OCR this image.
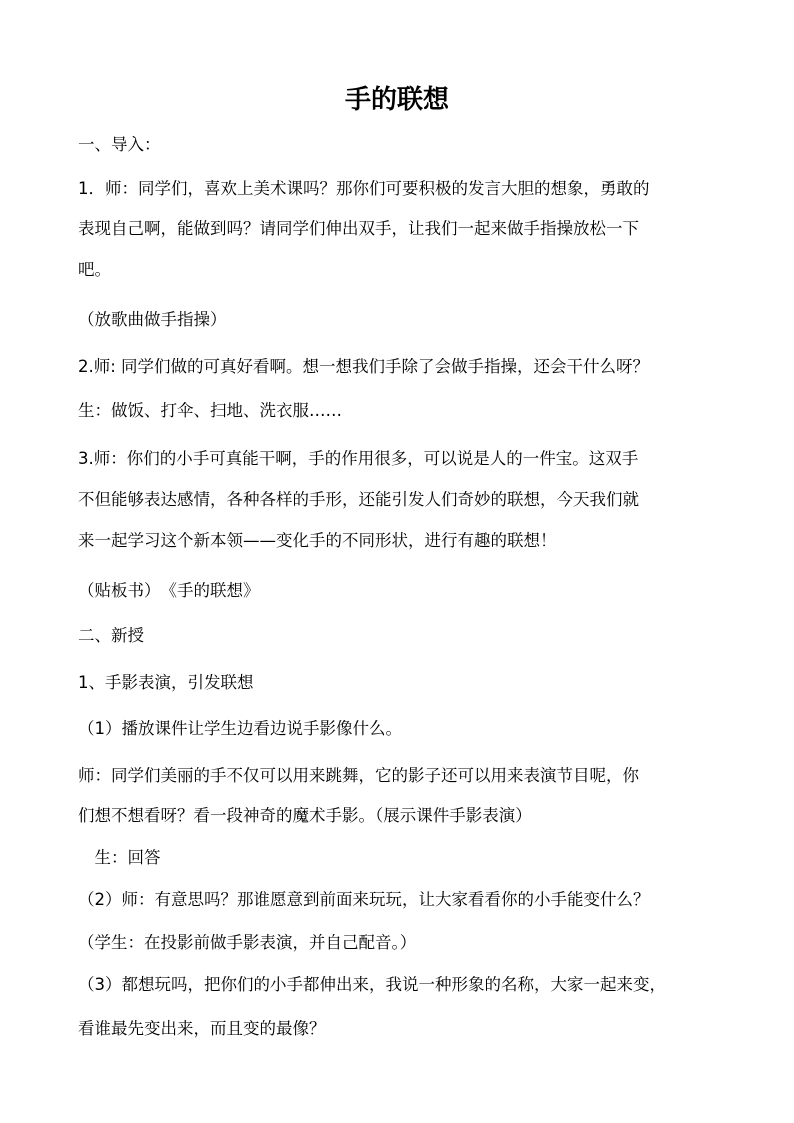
手的联想
一、导入：
1．师：同学们，喜欢上美术课吗？那你们可要积极的发言大胆的想象，勇敢的
表现自己啊，能做到吗？请同学们伸出双手，让我们一起来做手指操放松一下
吧。
（放歌曲做手指操）
2.师: 同学们做的可真好看啊。想一想我们手除了会做手指操，还会干什么呀？
生：做饭、打伞、扫地、洗衣服……
3.师：你们的小手可真能干啊，手的作用很多，可以说是人的一件宝。这双手
不但能够表达感情，各种各样的手形，还能引发人们奇妙的联想，今天我们就
来一起学习这个新本领——变化手的不同形状，进行有趣的联想！
（贴板书）　《手的联想》
二、新授
1、手影表演，引发联想
（1）播放课件让学生边看边说手影像什么。
师：同学们美丽的手不仅可以用来跳舞，它的影子还可以用来表演节目呢，你
们想不想看呀？看一段神奇的魔术手影。（展示课件手影表演）
　生：回答
（2）师：有意思吗？那谁愿意到前面来玩玩，让大家看看你的小手能变什么？
（学生：在投影前做手影表演，并自己配音。）
（3）都想玩吗，把你们的小手都伸出来，我说一种形象的名称，大家一起来变，
看谁最先变出来，而且变的最像？
